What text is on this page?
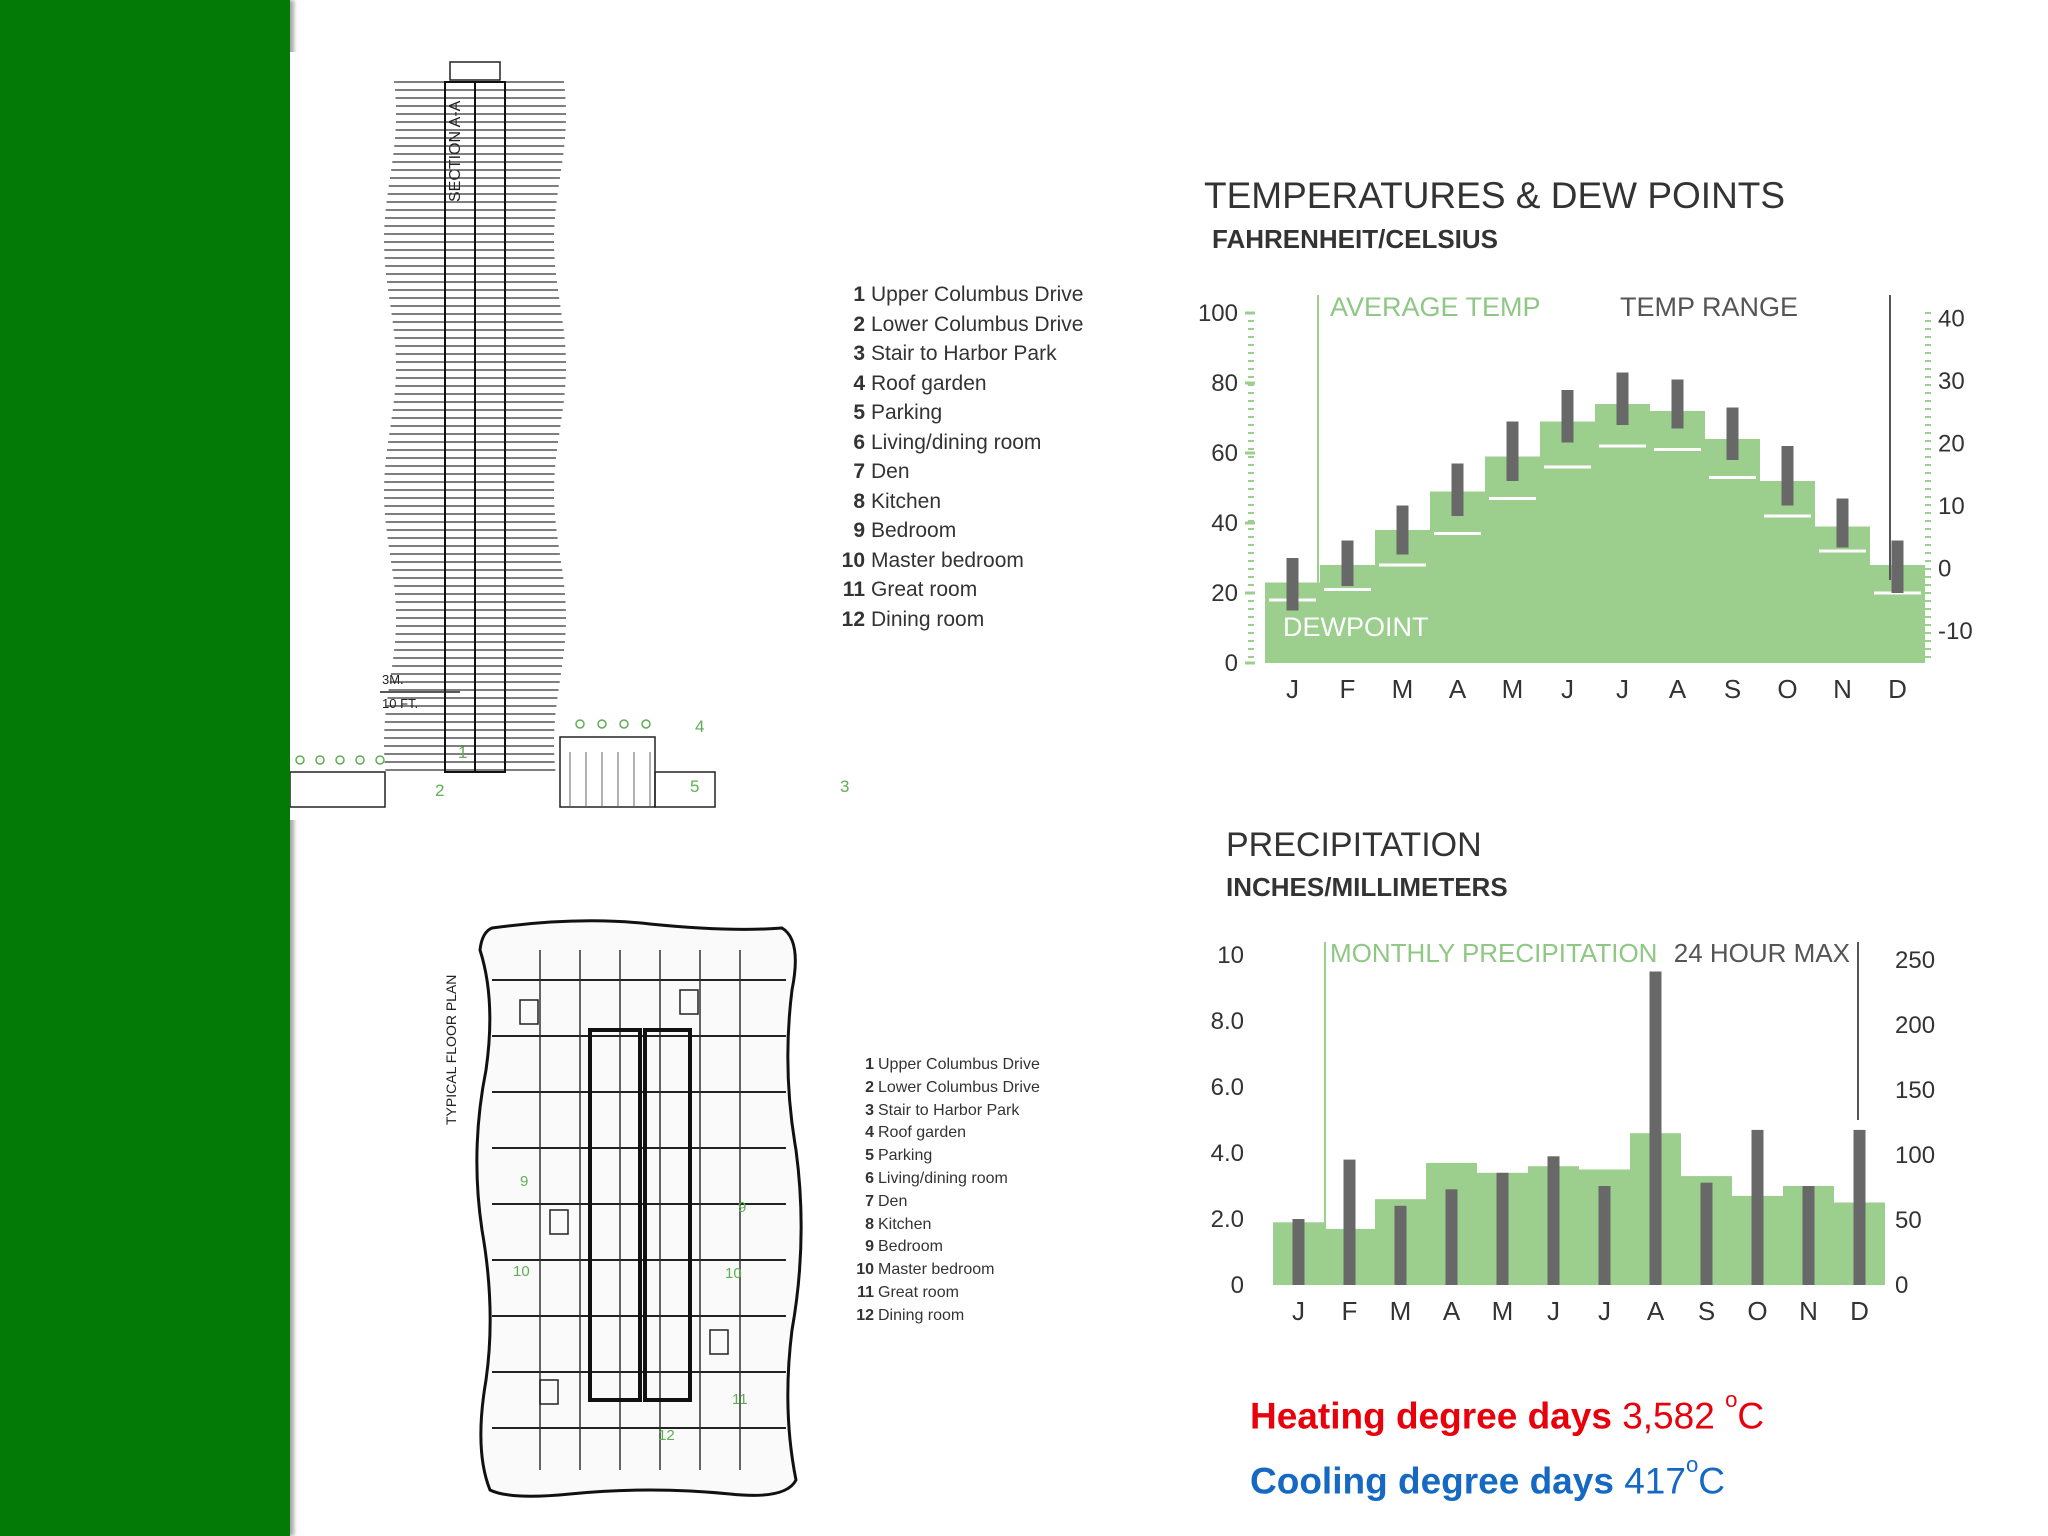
SECTION A-A
3M.
10 FT.
1
2	3
4
5
TYPICAL FLOOR PLAN
10	10
9
9
11
12
1 Upper Columbus Drive
2 Lower Columbus Drive
3 Stair to Harbor Park
4 Roof garden
5 Parking
6 Living/dining room
7 Den
8 Kitchen
9 Bedroom
10 Master bedroom
11 Great room
12 Dining room
1 Upper Columbus Drive
2 Lower Columbus Drive
3 Stair to Harbor Park
4 Roof garden
5 Parking
6 Living/dining room
7 Den
8 Kitchen
9 Bedroom
10 Master bedroom
11 Great room
12 Dining room
TEMPERATURES & DEW POINTS
FAHRENHEIT/CELSIUS
0
20
40
60
80
100
-10
0
10
20
30
40
J F M A M J J A S O N D
AVERAGE TEMP	TEMP RANGE
DEWPOINT
PRECIPITATION
INCHES/MILLIMETERS
0
2.0
4.0
6.0
8.0
10
0
50
100
150
200
250
J F M A M J J A S O N D
MONTHLY PRECIPITATION 24 HOUR MAX
Heating degree days 3,582 $^o$C
Cooling degree days 417$^o$C
